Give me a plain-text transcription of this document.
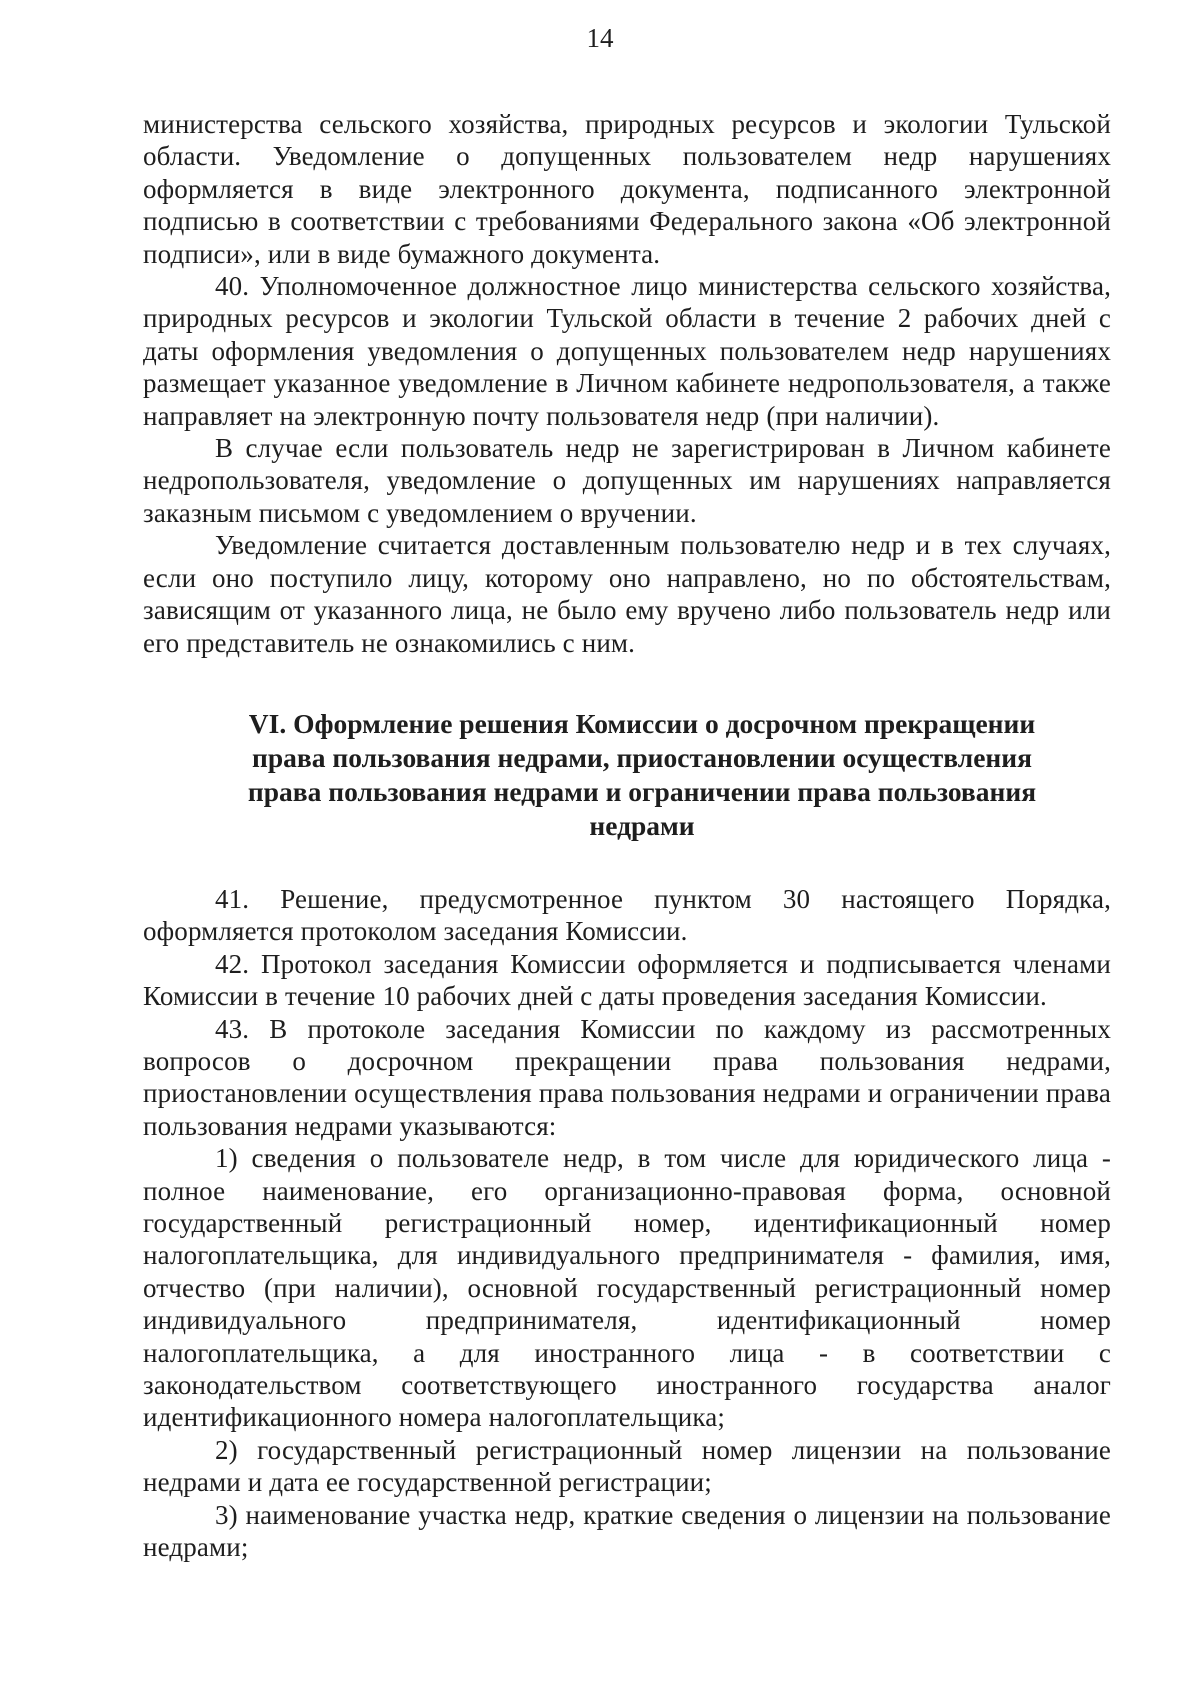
14

министерства сельского хозяйства, природных ресурсов и экологии Тульской области. Уведомление о допущенных пользователем недр нарушениях оформляется в виде электронного документа, подписанного электронной подписью в соответствии с требованиями Федерального закона «Об электронной подписи», или в виде бумажного документа.

40. Уполномоченное должностное лицо министерства сельского хозяйства, природных ресурсов и экологии Тульской области в течение 2 рабочих дней с даты оформления уведомления о допущенных пользователем недр нарушениях размещает указанное уведомление в Личном кабинете недропользователя, а также направляет на электронную почту пользователя недр (при наличии).

В случае если пользователь недр не зарегистрирован в Личном кабинете недропользователя, уведомление о допущенных им нарушениях направляется заказным письмом с уведомлением о вручении.

Уведомление считается доставленным пользователю недр и в тех случаях, если оно поступило лицу, которому оно направлено, но по обстоятельствам, зависящим от указанного лица, не было ему вручено либо пользователь недр или его представитель не ознакомились с ним.

VI. Оформление решения Комиссии о досрочном прекращении права пользования недрами, приостановлении осуществления права пользования недрами и ограничении права пользования недрами

41. Решение, предусмотренное пунктом 30 настоящего Порядка, оформляется протоколом заседания Комиссии.

42. Протокол заседания Комиссии оформляется и подписывается членами Комиссии в течение 10 рабочих дней с даты проведения заседания Комиссии.

43. В протоколе заседания Комиссии по каждому из рассмотренных вопросов о досрочном прекращении права пользования недрами, приостановлении осуществления права пользования недрами и ограничении права пользования недрами указываются:

1) сведения о пользователе недр, в том числе для юридического лица - полное наименование, его организационно-правовая форма, основной государственный регистрационный номер, идентификационный номер налогоплательщика, для индивидуального предпринимателя - фамилия, имя, отчество (при наличии), основной государственный регистрационный номер индивидуального предпринимателя, идентификационный номер налогоплательщика, а для иностранного лица - в соответствии с законодательством соответствующего иностранного государства аналог идентификационного номера налогоплательщика;

2) государственный регистрационный номер лицензии на пользование недрами и дата ее государственной регистрации;

3) наименование участка недр, краткие сведения о лицензии на пользование недрами;
